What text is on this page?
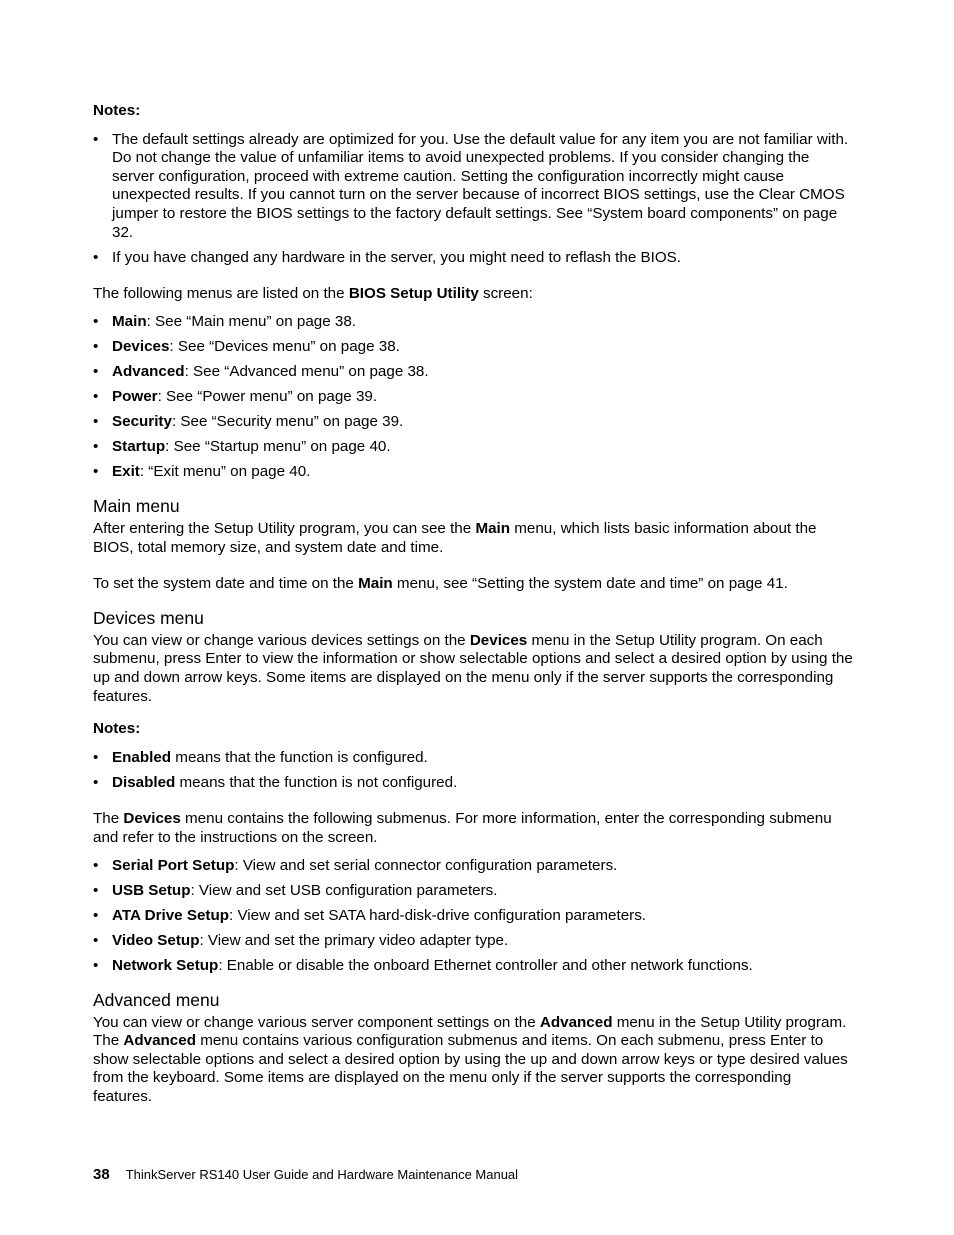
Notes:

• The default settings already are optimized for you. Use the default value for any item you are not familiar with. Do not change the value of unfamiliar items to avoid unexpected problems. If you consider changing the server configuration, proceed with extreme caution. Setting the configuration incorrectly might cause unexpected results. If you cannot turn on the server because of incorrect BIOS settings, use the Clear CMOS jumper to restore the BIOS settings to the factory default settings. See “System board components” on page 32.
• If you have changed any hardware in the server, you might need to reflash the BIOS.

The following menus are listed on the BIOS Setup Utility screen:

• Main: See “Main menu” on page 38.
• Devices: See “Devices menu” on page 38.
• Advanced: See “Advanced menu” on page 38.
• Power: See “Power menu” on page 39.
• Security: See “Security menu” on page 39.
• Startup: See “Startup menu” on page 40.
• Exit: “Exit menu” on page 40.
Main menu

After entering the Setup Utility program, you can see the Main menu, which lists basic information about the BIOS, total memory size, and system date and time.

To set the system date and time on the Main menu, see “Setting the system date and time” on page 41.

Devices menu

You can view or change various devices settings on the Devices menu in the Setup Utility program. On each submenu, press Enter to view the information or show selectable options and select a desired option by using the up and down arrow keys. Some items are displayed on the menu only if the server supports the corresponding features.

Notes:

• Enabled means that the function is configured.
• Disabled means that the function is not configured.

The Devices menu contains the following submenus. For more information, enter the corresponding submenu and refer to the instructions on the screen.

• Serial Port Setup: View and set serial connector configuration parameters.
• USB Setup: View and set USB configuration parameters.
• ATA Drive Setup: View and set SATA hard-disk-drive configuration parameters.
• Video Setup: View and set the primary video adapter type.
• Network Setup: Enable or disable the onboard Ethernet controller and other network functions.
Advanced menu

You can view or change various server component settings on the Advanced menu in the Setup Utility program. The Advanced menu contains various configuration submenus and items. On each submenu, press Enter to show selectable options and select a desired option by using the up and down arrow keys or type desired values from the keyboard. Some items are displayed on the menu only if the server supports the corresponding features.

38 ThinkServer RS140 User Guide and Hardware Maintenance Manual
